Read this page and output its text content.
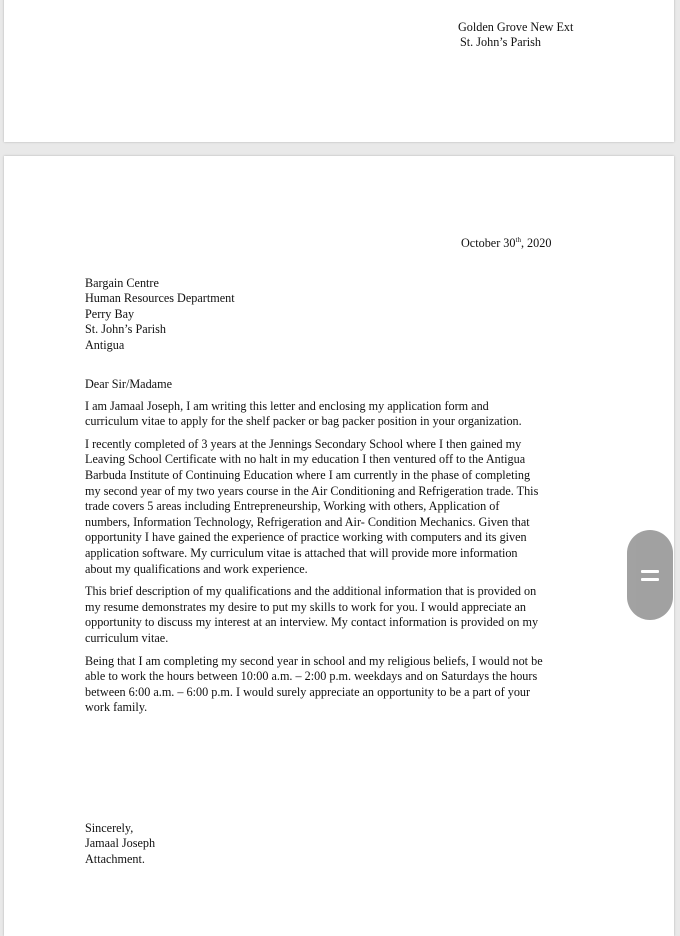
Golden Grove New Ext
St. John’s Parish
October 30th, 2020
Bargain Centre
Human Resources Department
Perry Bay
St. John’s Parish
Antigua
Dear Sir/Madame
I am Jamaal Joseph, I am writing this letter and enclosing my application form and
curriculum vitae to apply for the shelf packer or bag packer position in your organization.
I recently completed of 3 years at the Jennings Secondary School where I then gained my
Leaving School Certificate with no halt in my education I then ventured off to the Antigua
Barbuda Institute of Continuing Education where I am currently in the phase of completing
my second year of my two years course in the Air Conditioning and Refrigeration trade. This
trade covers 5 areas including Entrepreneurship, Working with others, Application of
numbers, Information Technology, Refrigeration and Air- Condition Mechanics. Given that
opportunity I have gained the experience of practice working with computers and its given
application software. My curriculum vitae is attached that will provide more information
about my qualifications and work experience.
This brief description of my qualifications and the additional information that is provided on
my resume demonstrates my desire to put my skills to work for you. I would appreciate an
opportunity to discuss my interest at an interview. My contact information is provided on my
curriculum vitae.
Being that I am completing my second year in school and my religious beliefs, I would not be
able to work the hours between 10:00 a.m. – 2:00 p.m. weekdays and on Saturdays the hours
between 6:00 a.m. – 6:00 p.m. I would surely appreciate an opportunity to be a part of your
work family.
Sincerely,
Jamaal Joseph
Attachment.
